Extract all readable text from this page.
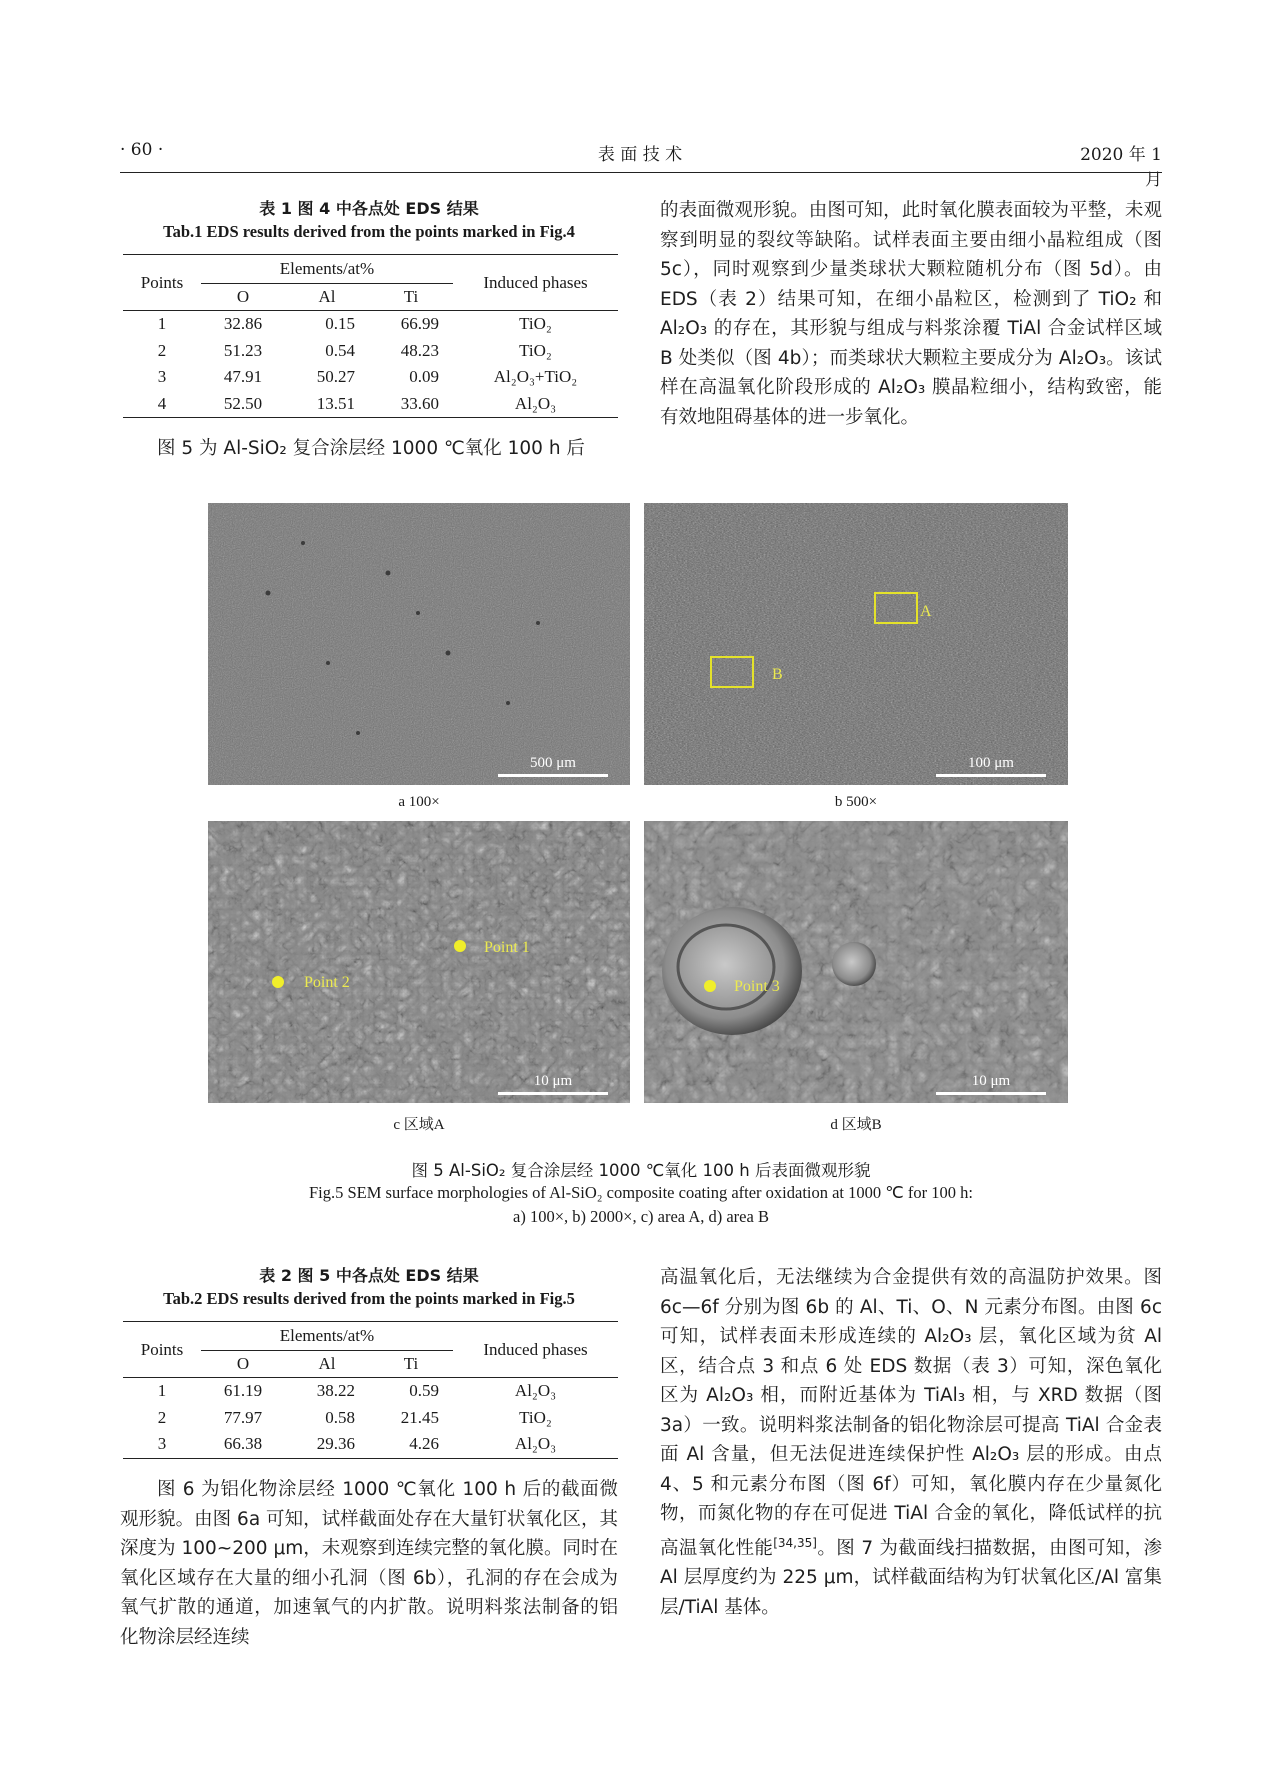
· 60 ·	表 面 技 术	2020 年 1 月
表 1 图 4 中各点处 EDS 结果
Tab.1 EDS results derived from the points marked in Fig.4
Points	Elements/at%			Induced phases
	O	Al	Ti	
1	32.86	0.15	66.99	TiO₂
2	51.23	0.54	48.23	TiO₂
3	47.91	50.27	0.09	Al₂O₃+TiO₂
4	52.50	13.51	33.60	Al₂O₃
图 5 为 Al-SiO₂ 复合涂层经 1000 ℃氧化 100 h 后
的表面微观形貌。由图可知，此时氧化膜表面较为平整，未观察到明显的裂纹等缺陷。试样表面主要由细小晶粒组成（图 5c），同时观察到少量类球状大颗粒随机分布（图 5d）。由 EDS（表 2）结果可知，在细小晶粒区，检测到了 TiO₂ 和 Al₂O₃ 的存在，其形貌与组成与料浆涂覆 TiAl 合金试样区域 B 处类似（图 4b）；而类球状大颗粒主要成分为 Al₂O₃。该试样在高温氧化阶段形成的 Al₂O₃ 膜晶粒细小，结构致密，能有效地阻碍基体的进一步氧化。
500 μm
a 100×
A
B
100 μm
b 500×
Point 1
Point 2
10 μm
c 区域A
Point 3
10 μm
d 区域B
图 5 Al-SiO₂ 复合涂层经 1000 ℃氧化 100 h 后表面微观形貌
Fig.5 SEM surface morphologies of Al-SiO₂ composite coating after oxidation at 1000 ℃ for 100 h:
a) 100×, b) 2000×, c) area A, d) area B
表 2 图 5 中各点处 EDS 结果
Tab.2 EDS results derived from the points marked in Fig.5
Points	Elements/at%			Induced phases
	O	Al	Ti	
1	61.19	38.22	0.59	Al₂O₃
2	77.97	0.58	21.45	TiO₂
3	66.38	29.36	4.26	Al₂O₃
图 6 为铝化物涂层经 1000 ℃氧化 100 h 后的截面微观形貌。由图 6a 可知，试样截面处存在大量钉状氧化区，其深度为 100~200 μm，未观察到连续完整的氧化膜。同时在氧化区域存在大量的细小孔洞（图 6b），孔洞的存在会成为氧气扩散的通道，加速氧气的内扩散。说明料浆法制备的铝化物涂层经连续
高温氧化后，无法继续为合金提供有效的高温防护效果。图 6c—6f 分别为图 6b 的 Al、Ti、O、N 元素分布图。由图 6c 可知，试样表面未形成连续的 Al₂O₃ 层，氧化区域为贫 Al 区，结合点 3 和点 6 处 EDS 数据（表 3）可知，深色氧化区为 Al₂O₃ 相，而附近基体为 TiAl₃ 相，与 XRD 数据（图 3a）一致。说明料浆法制备的铝化物涂层可提高 TiAl 合金表面 Al 含量，但无法促进连续保护性 Al₂O₃ 层的形成。由点 4、5 和元素分布图（图 6f）可知，氧化膜内存在少量氮化物，而氮化物的存在可促进 TiAl 合金的氧化，降低试样的抗高温氧化性能[34,35]。图 7 为截面线扫描数据，由图可知，渗 Al 层厚度约为 225 μm，试样截面结构为钉状氧化区/Al 富集层/TiAl 基体。
